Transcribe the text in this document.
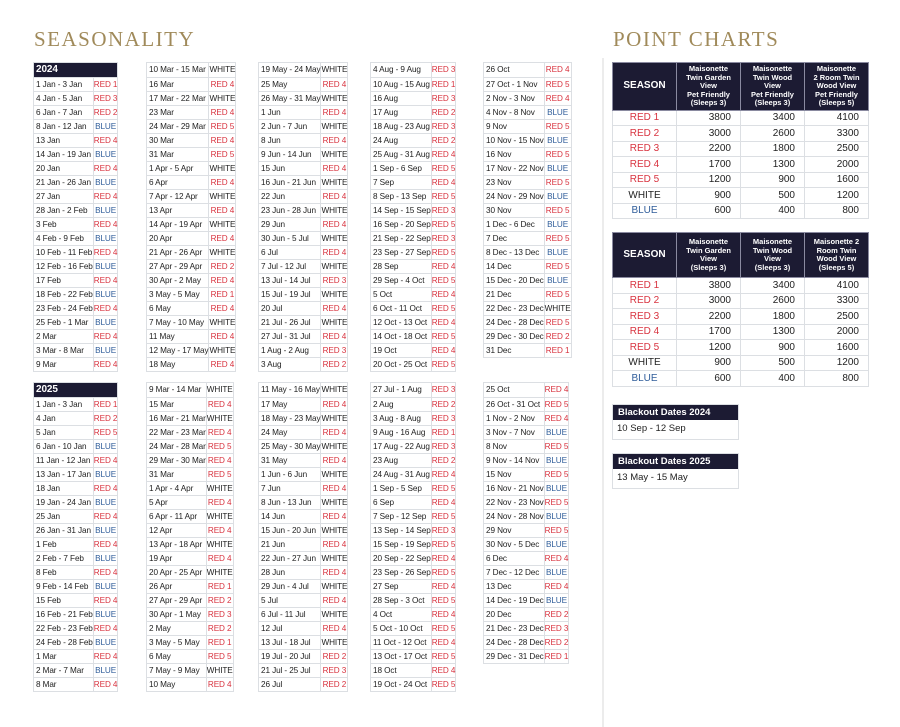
SEASONALITY	POINT CHARTS
2024	
1 Jan - 3 Jan	RED 1
4 Jan - 5 Jan	RED 3
6 Jan - 7 Jan	RED 2
8 Jan - 12 Jan	BLUE
13 Jan	RED 4
14 Jan - 19 Jan	BLUE
20 Jan	RED 4
21 Jan - 26 Jan	BLUE
27 Jan	RED 4
28 Jan - 2 Feb	BLUE
3 Feb	RED 4
4 Feb - 9 Feb	BLUE
10 Feb - 11 Feb	RED 4
12 Feb - 16 Feb	BLUE
17 Feb	RED 4
18 Feb - 22 Feb	BLUE
23 Feb - 24 Feb	RED 4
25 Feb - 1 Mar	BLUE
2 Mar	RED 4
3 Mar - 8 Mar	BLUE
9 Mar	RED 4
10 Mar - 15 Mar	WHITE
16 Mar	RED 4
17 Mar - 22 Mar	WHITE
23 Mar	RED 4
24 Mar - 29 Mar	RED 5
30 Mar	RED 4
31 Mar	RED 5
1 Apr - 5 Apr	WHITE
6 Apr	RED 4
7 Apr - 12 Apr	WHITE
13 Apr	RED 4
14 Apr - 19 Apr	WHITE
20 Apr	RED 4
21 Apr - 26 Apr	WHITE
27 Apr - 29 Apr	RED 2
30 Apr - 2 May	RED 4
3 May - 5 May	RED 1
6 May	RED 4
7 May - 10 May	WHITE
11 May	RED 4
12 May - 17 May	WHITE
18 May	RED 4
19 May - 24 May	WHITE
25 May	RED 4
26 May - 31 May	WHITE
1 Jun	RED 4
2 Jun - 7 Jun	WHITE
8 Jun	RED 4
9 Jun - 14 Jun	WHITE
15 Jun	RED 4
16 Jun - 21 Jun	WHITE
22 Jun	RED 4
23 Jun - 28 Jun	WHITE
29 Jun	RED 4
30 Jun - 5 Jul	WHITE
6 Jul	RED 4
7 Jul - 12 Jul	WHITE
13 Jul - 14 Jul	RED 3
15 Jul - 19 Jul	WHITE
20 Jul	RED 4
21 Jul - 26 Jul	WHITE
27 Jul - 31 Jul	RED 4
1 Aug - 2 Aug	RED 3
3 Aug	RED 2
4 Aug - 9 Aug	RED 3
10 Aug - 15 Aug	RED 1
16 Aug	RED 3
17 Aug	RED 2
18 Aug - 23 Aug	RED 3
24 Aug	RED 2
25 Aug - 31 Aug	RED 4
1 Sep - 6 Sep	RED 5
7 Sep	RED 4
8 Sep - 13 Sep	RED 5
14 Sep - 15 Sep	RED 3
16 Sep - 20 Sep	RED 5
21 Sep - 22 Sep	RED 3
23 Sep - 27 Sep	RED 5
28 Sep	RED 4
29 Sep - 4 Oct	RED 5
5 Oct	RED 4
6 Oct - 11 Oct	RED 5
12 Oct - 13 Oct	RED 4
14 Oct - 18 Oct	RED 5
19 Oct	RED 4
20 Oct - 25 Oct	RED 5
26 Oct	RED 4
27 Oct - 1 Nov	RED 5
2 Nov - 3 Nov	RED 4
4 Nov - 8 Nov	BLUE
9 Nov	RED 5
10 Nov - 15 Nov	BLUE
16 Nov	RED 5
17 Nov - 22 Nov	BLUE
23 Nov	RED 5
24 Nov - 29 Nov	BLUE
30 Nov	RED 5
1 Dec - 6 Dec	BLUE
7 Dec	RED 5
8 Dec - 13 Dec	BLUE
14 Dec	RED 5
15 Dec - 20 Dec	BLUE
21 Dec	RED 5
22 Dec - 23 Dec	WHITE
24 Dec - 28 Dec	RED 5
29 Dec - 30 Dec	RED 2
31 Dec	RED 1
2025	
1 Jan - 3 Jan	RED 1
4 Jan	RED 2
5 Jan	RED 5
6 Jan - 10 Jan	BLUE
11 Jan - 12 Jan	RED 4
13 Jan - 17 Jan	BLUE
18 Jan	RED 4
19 Jan - 24 Jan	BLUE
25 Jan	RED 4
26 Jan - 31 Jan	BLUE
1 Feb	RED 4
2 Feb - 7 Feb	BLUE
8 Feb	RED 4
9 Feb - 14 Feb	BLUE
15 Feb	RED 4
16 Feb - 21 Feb	BLUE
22 Feb - 23 Feb	RED 4
24 Feb - 28 Feb	BLUE
1 Mar	RED 4
2 Mar - 7 Mar	BLUE
8 Mar	RED 4
9 Mar - 14 Mar	WHITE
15 Mar	RED 4
16 Mar - 21 Mar	WHITE
22 Mar - 23 Mar	RED 4
24 Mar - 28 Mar	RED 5
29 Mar - 30 Mar	RED 4
31 Mar	RED 5
1 Apr - 4 Apr	WHITE
5 Apr	RED 4
6 Apr - 11 Apr	WHITE
12 Apr	RED 4
13 Apr - 18 Apr	WHITE
19 Apr	RED 4
20 Apr - 25 Apr	WHITE
26 Apr	RED 1
27 Apr - 29 Apr	RED 2
30 Apr - 1 May	RED 3
2 May	RED 2
3 May - 5 May	RED 1
6 May	RED 5
7 May - 9 May	WHITE
10 May	RED 4
11 May - 16 May	WHITE
17 May	RED 4
18 May - 23 May	WHITE
24 May	RED 4
25 May - 30 May	WHITE
31 May	RED 4
1 Jun - 6 Jun	WHITE
7 Jun	RED 4
8 Jun - 13 Jun	WHITE
14 Jun	RED 4
15 Jun - 20 Jun	WHITE
21 Jun	RED 4
22 Jun - 27 Jun	WHITE
28 Jun	RED 4
29 Jun - 4 Jul	WHITE
5 Jul	RED 4
6 Jul - 11 Jul	WHITE
12 Jul	RED 4
13 Jul - 18 Jul	WHITE
19 Jul - 20 Jul	RED 2
21 Jul - 25 Jul	RED 3
26 Jul	RED 2
27 Jul - 1 Aug	RED 3
2 Aug	RED 2
3 Aug - 8 Aug	RED 3
9 Aug - 16 Aug	RED 1
17 Aug - 22 Aug	RED 3
23 Aug	RED 2
24 Aug - 31 Aug	RED 4
1 Sep - 5 Sep	RED 5
6 Sep	RED 4
7 Sep - 12 Sep	RED 5
13 Sep - 14 Sep	RED 3
15 Sep - 19 Sep	RED 5
20 Sep - 22 Sep	RED 4
23 Sep - 26 Sep	RED 5
27 Sep	RED 4
28 Sep - 3 Oct	RED 5
4 Oct	RED 4
5 Oct - 10 Oct	RED 5
11 Oct - 12 Oct	RED 4
13 Oct - 17 Oct	RED 5
18 Oct	RED 4
19 Oct - 24 Oct	RED 5
25 Oct	RED 4
26 Oct - 31 Oct	RED 5
1 Nov - 2 Nov	RED 4
3 Nov - 7 Nov	BLUE
8 Nov	RED 5
9 Nov - 14 Nov	BLUE
15 Nov	RED 5
16 Nov - 21 Nov	BLUE
22 Nov - 23 Nov	RED 5
24 Nov - 28 Nov	BLUE
29 Nov	RED 5
30 Nov - 5 Dec	BLUE
6 Dec	RED 4
7 Dec - 12 Dec	BLUE
13 Dec	RED 4
14 Dec - 19 Dec	BLUE
20 Dec	RED 2
21 Dec - 23 Dec	RED 3
24 Dec - 28 Dec	RED 2
29 Dec - 31 Dec	RED 1
SEASON	Maisonette
Twin Garden
View
Pet Friendly
(Sleeps 3)	Maisonette
Twin Wood
View
Pet Friendly
(Sleeps 3)	Maisonette
2 Room Twin
Wood View
Pet Friendly
(Sleeps 5)
RED 1	3800	3400	4100
RED 2	3000	2600	3300
RED 3	2200	1800	2500
RED 4	1700	1300	2000
RED 5	1200	900	1600
WHITE	900	500	1200
BLUE	600	400	800
SEASON	Maisonette
Twin Garden
View
(Sleeps 3)	Maisonette
Twin Wood
View
(Sleeps 3)	Maisonette 2
Room Twin
Wood View
(Sleeps 5)
RED 1	3800	3400	4100
RED 2	3000	2600	3300
RED 3	2200	1800	2500
RED 4	1700	1300	2000
RED 5	1200	900	1600
WHITE	900	500	1200
BLUE	600	400	800
Blackout Dates 2024
10 Sep - 12 Sep
Blackout Dates 2025
13 May - 15 May
